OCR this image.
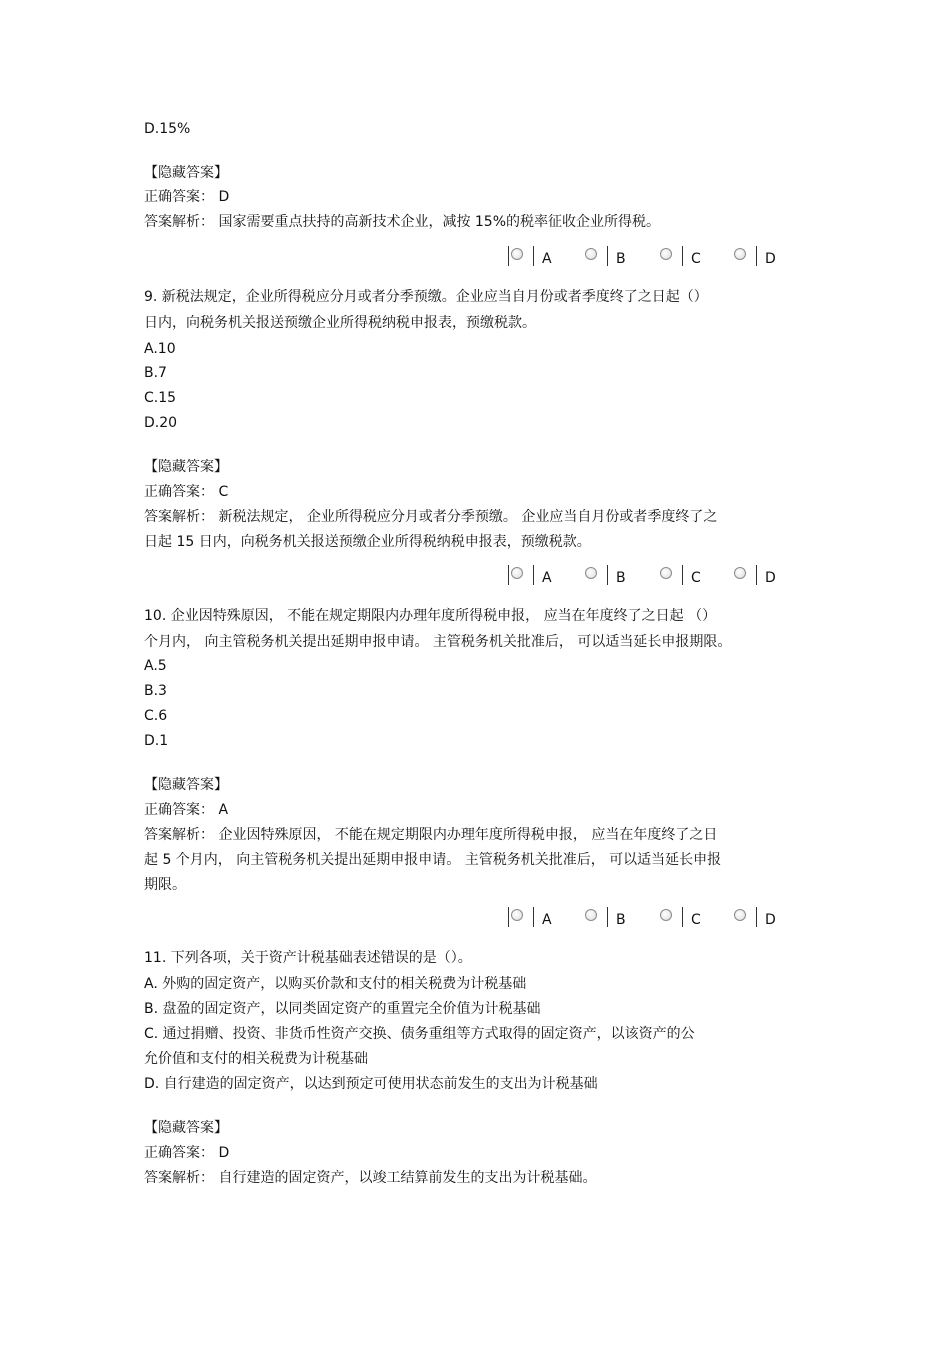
D.15%
【隐藏答案】
正确答案： D
答案解析： 国家需要重点扶持的高新技术企业，减按 15%的税率征收企业所得税。
A	B	C	D
9. 新税法规定，企业所得税应分月或者分季预缴。企业应当自月份或者季度终了之日起（）
日内，向税务机关报送预缴企业所得税纳税申报表，预缴税款。
A.10
B.7
C.15
D.20
【隐藏答案】
正确答案： C
答案解析： 新税法规定， 企业所得税应分月或者分季预缴。 企业应当自月份或者季度终了之
日起 15 日内，向税务机关报送预缴企业所得税纳税申报表，预缴税款。
A	B	C	D
10. 企业因特殊原因， 不能在规定期限内办理年度所得税申报， 应当在年度终了之日起 （）
个月内， 向主管税务机关提出延期申报申请。 主管税务机关批准后， 可以适当延长申报期限。
A.5
B.3
C.6
D.1
【隐藏答案】
正确答案： A
答案解析： 企业因特殊原因， 不能在规定期限内办理年度所得税申报， 应当在年度终了之日
起 5 个月内， 向主管税务机关提出延期申报申请。 主管税务机关批准后， 可以适当延长申报
期限。
A	B	C	D
11. 下列各项，关于资产计税基础表述错误的是（）。
A. 外购的固定资产，以购买价款和支付的相关税费为计税基础
B. 盘盈的固定资产，以同类固定资产的重置完全价值为计税基础
C. 通过捐赠、投资、非货币性资产交换、债务重组等方式取得的固定资产，以该资产的公
允价值和支付的相关税费为计税基础
D. 自行建造的固定资产，以达到预定可使用状态前发生的支出为计税基础
【隐藏答案】
正确答案： D
答案解析： 自行建造的固定资产，以竣工结算前发生的支出为计税基础。
